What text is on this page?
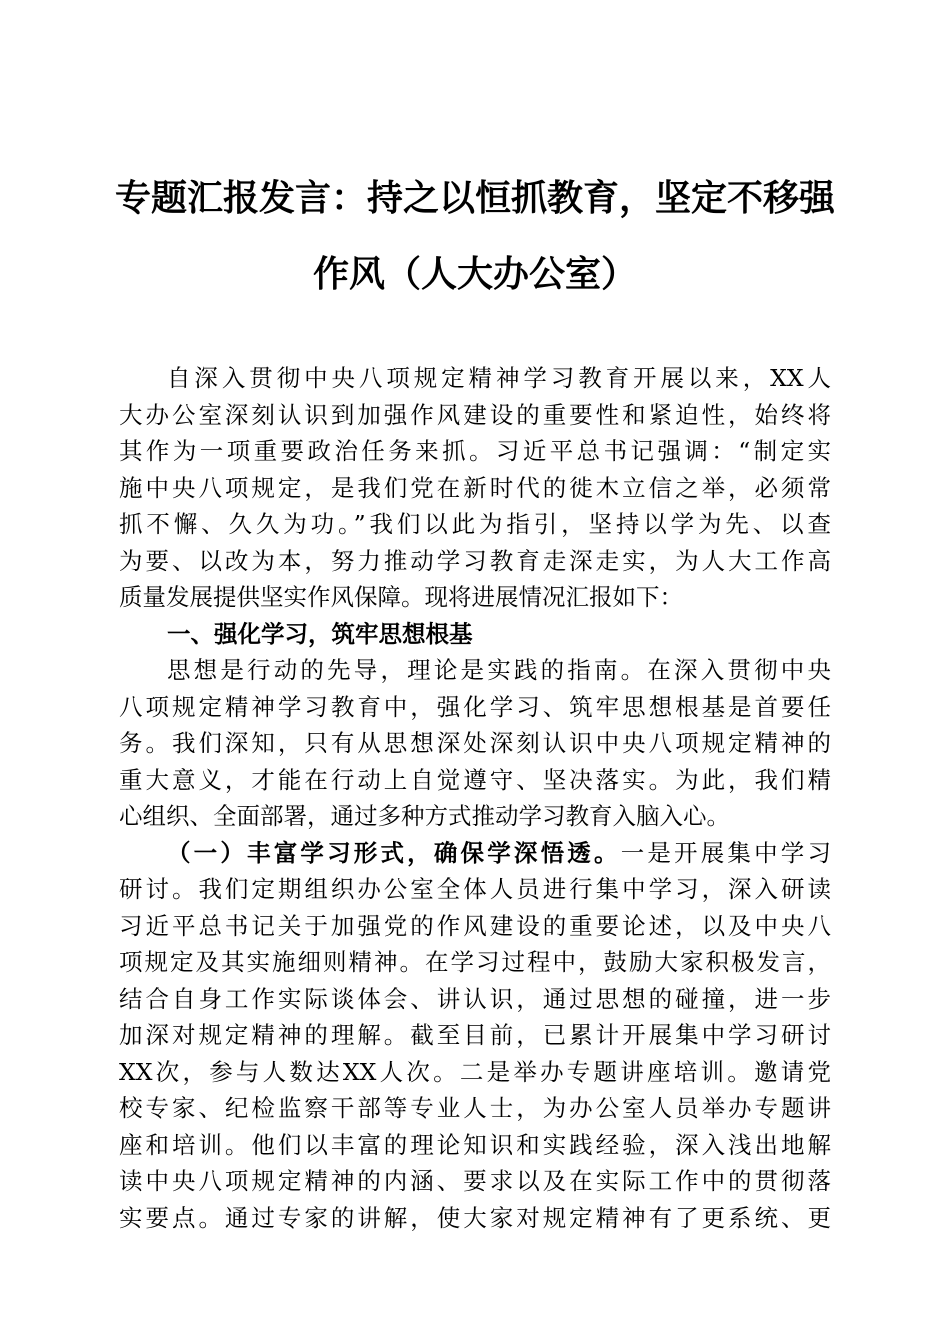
专题汇报发言：持之以恒抓教育，坚定不移强
作风（人大办公室）
自深入贯彻中央八项规定精神学习教育开展以来，XX人
大办公室深刻认识到加强作风建设的重要性和紧迫性，始终将
其作为一项重要政治任务来抓。习近平总书记强调：“制定实
施中央八项规定，是我们党在新时代的徙木立信之举，必须常
抓不懈、久久为功。”我们以此为指引，坚持以学为先、以查
为要、以改为本，努力推动学习教育走深走实，为人大工作高
质量发展提供坚实作风保障。现将进展情况汇报如下：
一、强化学习，筑牢思想根基
思想是行动的先导，理论是实践的指南。在深入贯彻中央
八项规定精神学习教育中，强化学习、筑牢思想根基是首要任
务。我们深知，只有从思想深处深刻认识中央八项规定精神的
重大意义，才能在行动上自觉遵守、坚决落实。为此，我们精
心组织、全面部署，通过多种方式推动学习教育入脑入心。
（一）丰富学习形式，确保学深悟透。一是开展集中学习
研讨。我们定期组织办公室全体人员进行集中学习，深入研读
习近平总书记关于加强党的作风建设的重要论述，以及中央八
项规定及其实施细则精神。在学习过程中，鼓励大家积极发言，
结合自身工作实际谈体会、讲认识，通过思想的碰撞，进一步
加深对规定精神的理解。截至目前，已累计开展集中学习研讨
XX次，参与人数达XX人次。二是举办专题讲座培训。邀请党
校专家、纪检监察干部等专业人士，为办公室人员举办专题讲
座和培训。他们以丰富的理论知识和实践经验，深入浅出地解
读中央八项规定精神的内涵、要求以及在实际工作中的贯彻落
实要点。通过专家的讲解，使大家对规定精神有了更系统、更
